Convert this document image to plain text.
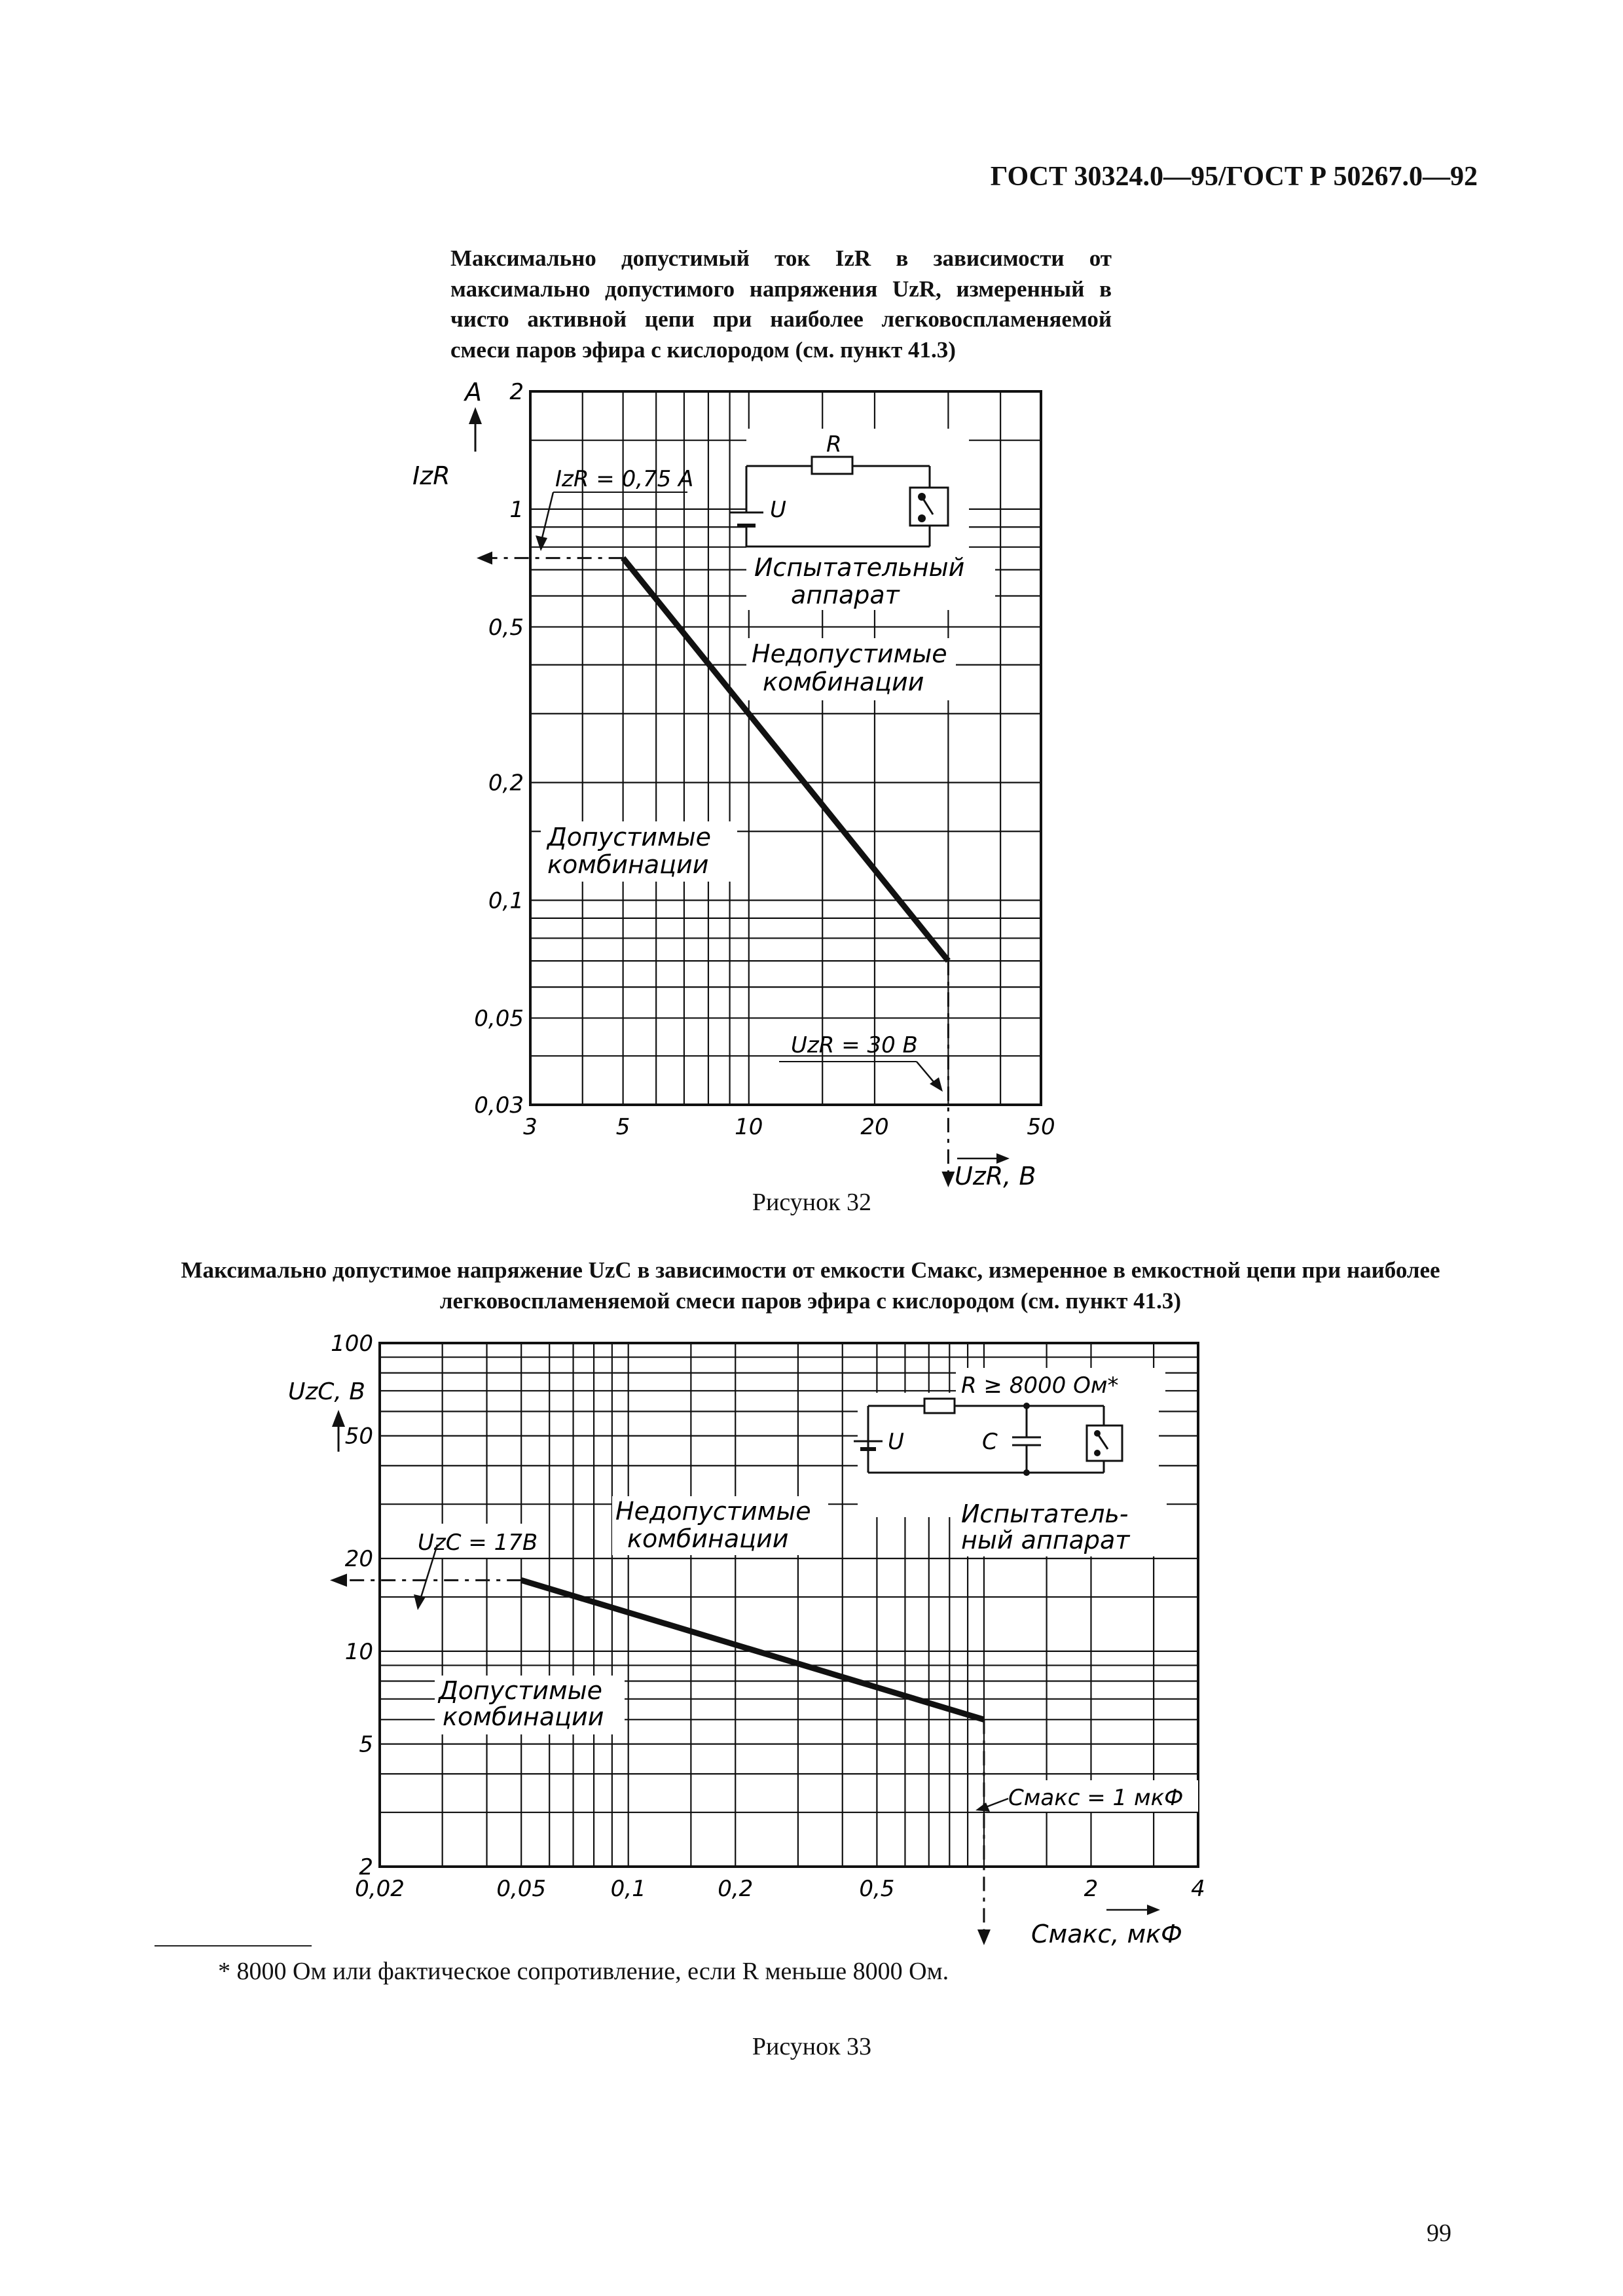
ГОСТ 30324.0—95/ГОСТ Р 50267.0—92
Максимально допустимый ток IzR в зависимости от максимально допустимого напряжения UzR, измеренный в чисто активной цепи при наиболее легковоспламеняемой смеси паров эфира с кислородом (см. пункт 41.3)
2
1
0,5
0,2
0,1
0,05
0,03
3	5	10	20	50
А
IzR	IzR = 0,75 A
UzR = 30 B
Недопустимые
комбинации
Допустимые
комбинации
R
U
Испытательный
аппарат
UzR, В
100
50
20
10
5
2
0,02	0,05	0,1	0,2	0,5	2	4
UzC, В
UzC = 17B
Cмакс = 1 мкФ
Недопустимые
комбинации
Допустимые
комбинации
R ≥ 8000 Ом*
U	C
Испытатель-
ный аппарат
Cмакс, мкФ
Рисунок 32
Максимально допустимое напряжение UzC в зависимости от емкости Cмакс, измеренное в емкостной цепи при наиболее легковоспламеняемой смеси паров эфира с кислородом (см. пункт 41.3)
* 8000 Ом или фактическое сопротивление, если R меньше 8000 Ом.
Рисунок 33
99
